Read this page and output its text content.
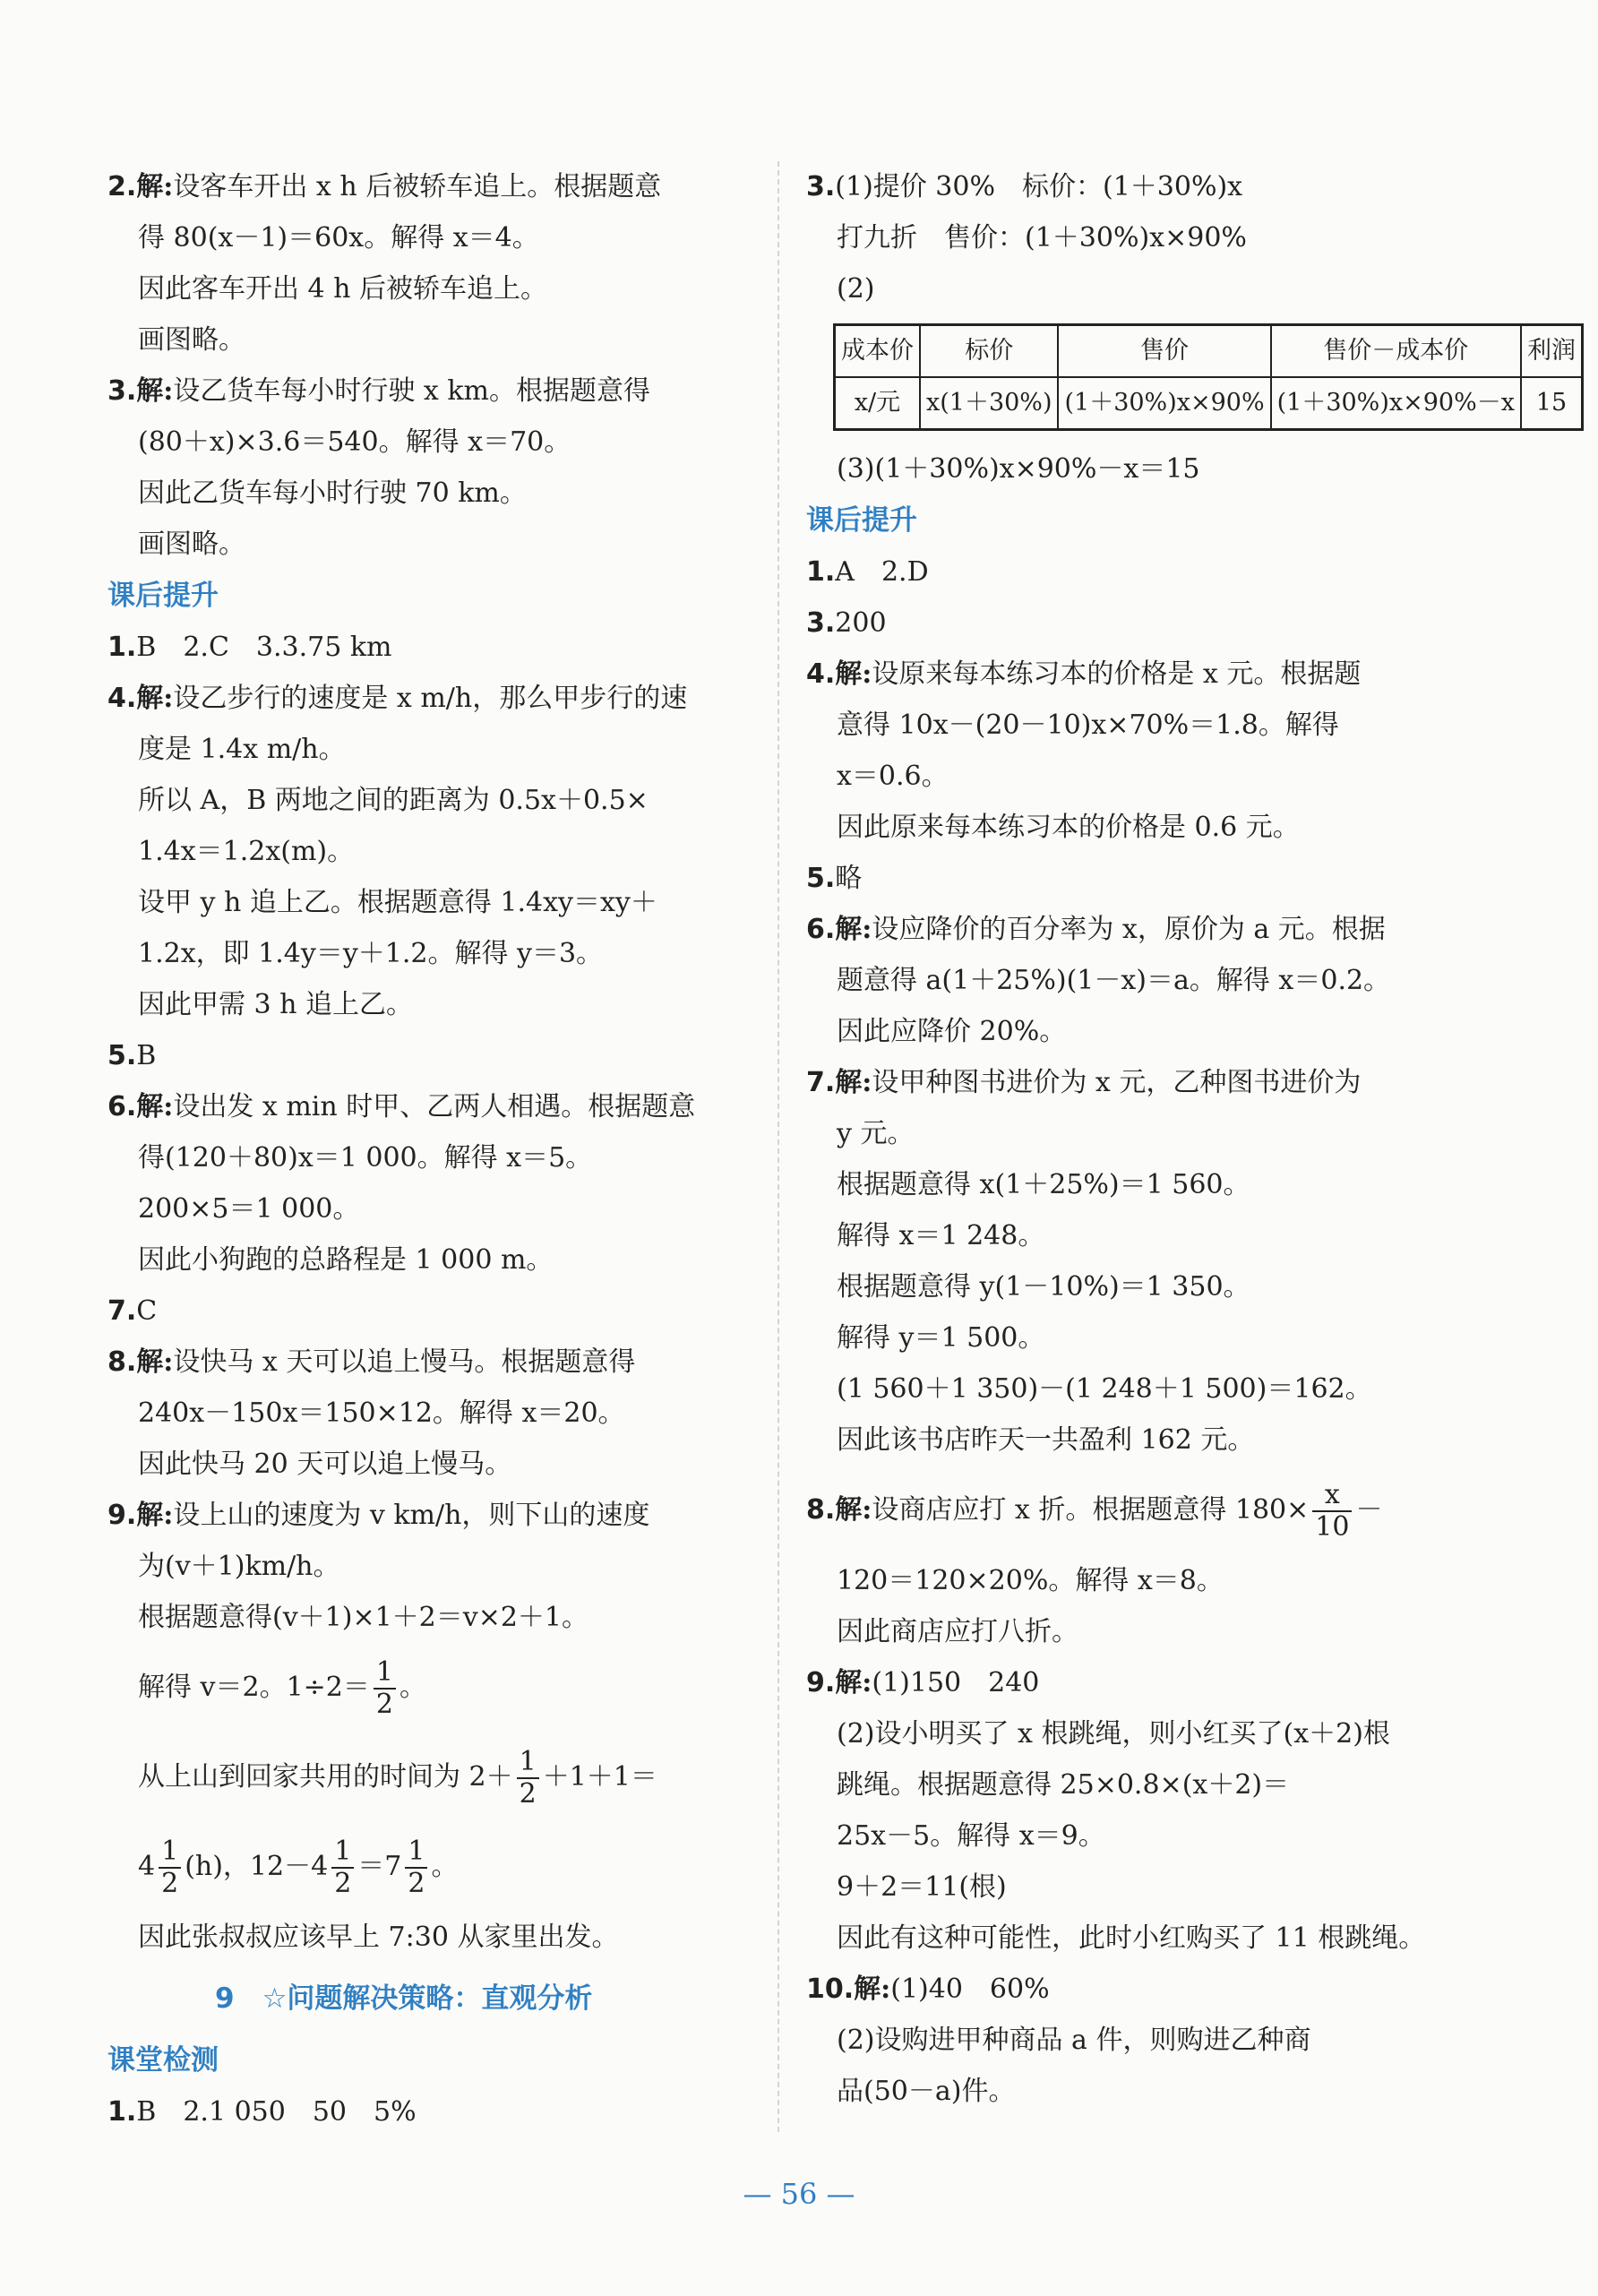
2.解:设客车开出 x h 后被轿车追上。根据题意
得 80(x－1)＝60x。解得 x＝4。
因此客车开出 4 h 后被轿车追上。
画图略。
3.解:设乙货车每小时行驶 x km。根据题意得
(80＋x)×3.6＝540。解得 x＝70。
因此乙货车每小时行驶 70 km。
画图略。
课后提升
1.B　2.C　3.3.75 km
4.解:设乙步行的速度是 x m/h，那么甲步行的速
度是 1.4x m/h。
所以 A，B 两地之间的距离为 0.5x＋0.5×
1.4x＝1.2x(m)。
设甲 y h 追上乙。根据题意得 1.4xy＝xy＋
1.2x，即 1.4y＝y＋1.2。解得 y＝3。
因此甲需 3 h 追上乙。
5.B
6.解:设出发 x min 时甲、乙两人相遇。根据题意
得(120＋80)x＝1 000。解得 x＝5。
200×5＝1 000。
因此小狗跑的总路程是 1 000 m。
7.C
8.解:设快马 x 天可以追上慢马。根据题意得
240x－150x＝150×12。解得 x＝20。
因此快马 20 天可以追上慢马。
9.解:设上山的速度为 v km/h，则下山的速度
为(v＋1)km/h。
根据题意得(v＋1)×1＋2＝v×2＋1。
解得 v＝2。$1\div 2= \frac{1}{2}$ 。
从上山到回家共用的时间为 $2+ \frac{1}{2} +1+1=$
$4 \frac{1}{2} (h)$，$12-4 \frac{1}{2} =7 \frac{1}{2}$ 。
因此张叔叔应该早上 7:30 从家里出发。
9　☆问题解决策略：直观分析
课堂检测
1.B　2.1 050　50　5%
3.(1)提价 30%　标价：(1＋30%)x
打九折　售价：(1＋30%)x×90%
(2)
成本价	标价	售价	售价－成本价	利润
x/元	x(1＋30%)	(1＋30%)x×90%	(1＋30%)x×90%－x	15
(3)(1＋30%)x×90%－x＝15
课后提升
1.A　2.D
3.200
4.解:设原来每本练习本的价格是 x 元。根据题
意得 10x－(20－10)x×70%＝1.8。解得
x＝0.6。
因此原来每本练习本的价格是 0.6 元。
5.略
6.解:设应降价的百分率为 x，原价为 a 元。根据
题意得 a(1＋25%)(1－x)＝a。解得 x＝0.2。
因此应降价 20%。
7.解:设甲种图书进价为 x 元，乙种图书进价为
y 元。
根据题意得 x(1＋25%)＝1 560。
解得 x＝1 248。
根据题意得 y(1－10%)＝1 350。
解得 y＝1 500。
(1 560＋1 350)－(1 248＋1 500)＝162。
因此该书店昨天一共盈利 162 元。
8.解:设商店应打 x 折。根据题意得 $180\times \frac{x}{10}$ －
120＝120×20%。解得 x＝8。
因此商店应打八折。
9.解:(1)150　240
(2)设小明买了 x 根跳绳，则小红买了(x＋2)根
跳绳。根据题意得 25×0.8×(x＋2)＝
25x－5。解得 x＝9。
9＋2＝11(根)
因此有这种可能性，此时小红购买了 11 根跳绳。
10.解:(1)40　60%
(2)设购进甲种商品 a 件，则购进乙种商
品(50－a)件。
— 56 —
